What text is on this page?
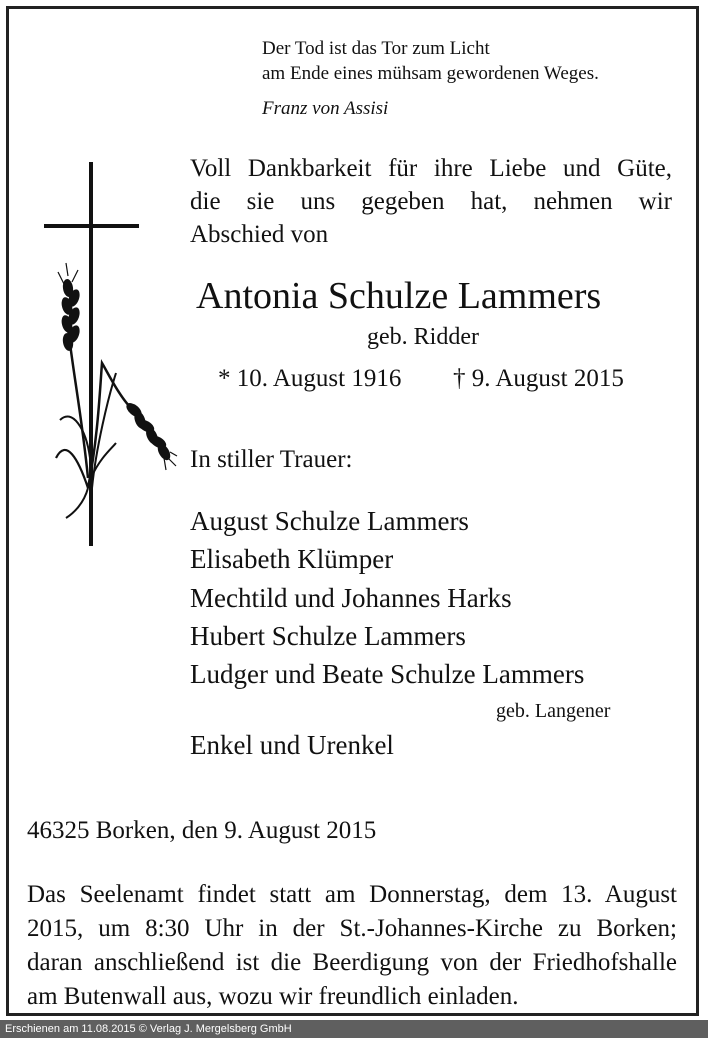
Der Tod ist das Tor zum Licht
am Ende eines mühsam gewordenen Weges.
Franz von Assisi
Voll Dankbarkeit für ihre Liebe und Güte,
die sie uns gegeben hat, nehmen wir
Abschied von
Antonia Schulze Lammers
geb. Ridder
* 10. August 1916 † 9. August 2015
In stiller Trauer:
August Schulze Lammers
Elisabeth Klümper
Mechtild und Johannes Harks
Hubert Schulze Lammers
Ludger und Beate Schulze Lammers
geb. Langener
Enkel und Urenkel
46325 Borken, den 9. August 2015
Das Seelenamt findet statt am Donnerstag, dem 13. August
2015, um 8:30 Uhr in der St.-Johannes-Kirche zu Borken;
daran anschließend ist die Beerdigung von der Friedhofshalle
am Butenwall aus, wozu wir freundlich einladen.
Erschienen am 11.08.2015 © Verlag J. Mergelsberg GmbH
